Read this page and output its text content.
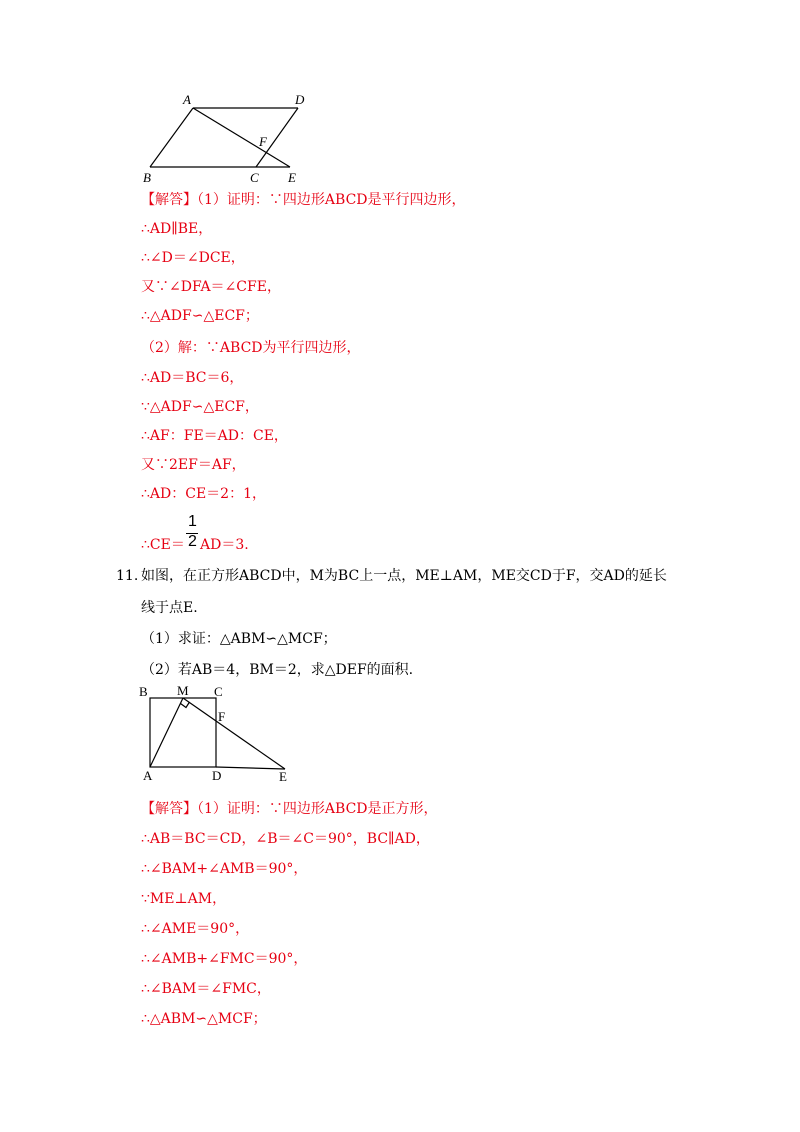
A	D
F
B	C E
【解答】（1）证明：∵四边形ABCD是平行四边形，
∴AD∥BE，
∴∠D＝∠DCE，
又∵∠DFA＝∠CFE，
∴△ADF∽△ECF；
（2）解：∵ABCD为平行四边形，
∴AD＝BC＝6，
∵△ADF∽△ECF，
∴AF：FE＝AD：CE，
又∵2EF＝AF，
∴AD：CE＝2：1，
∴CE＝
1
2 AD＝3.
11. 如图，在正方形ABCD中，M为BC上一点，ME⊥AM，ME交CD于F，交AD的延长
线于点E.
（1）求证：△ABM∽△MCF；
（2）若AB＝4，BM＝2，求△DEF的面积.
B M C
F
A	D	E
【解答】（1）证明：∵四边形ABCD是正方形，
∴AB＝BC＝CD，∠B＝∠C＝90°，BC∥AD，
∴∠BAM+∠AMB＝90°，
∵ME⊥AM，
∴∠AME＝90°，
∴∠AMB+∠FMC＝90°，
∴∠BAM＝∠FMC，
∴△ABM∽△MCF；
